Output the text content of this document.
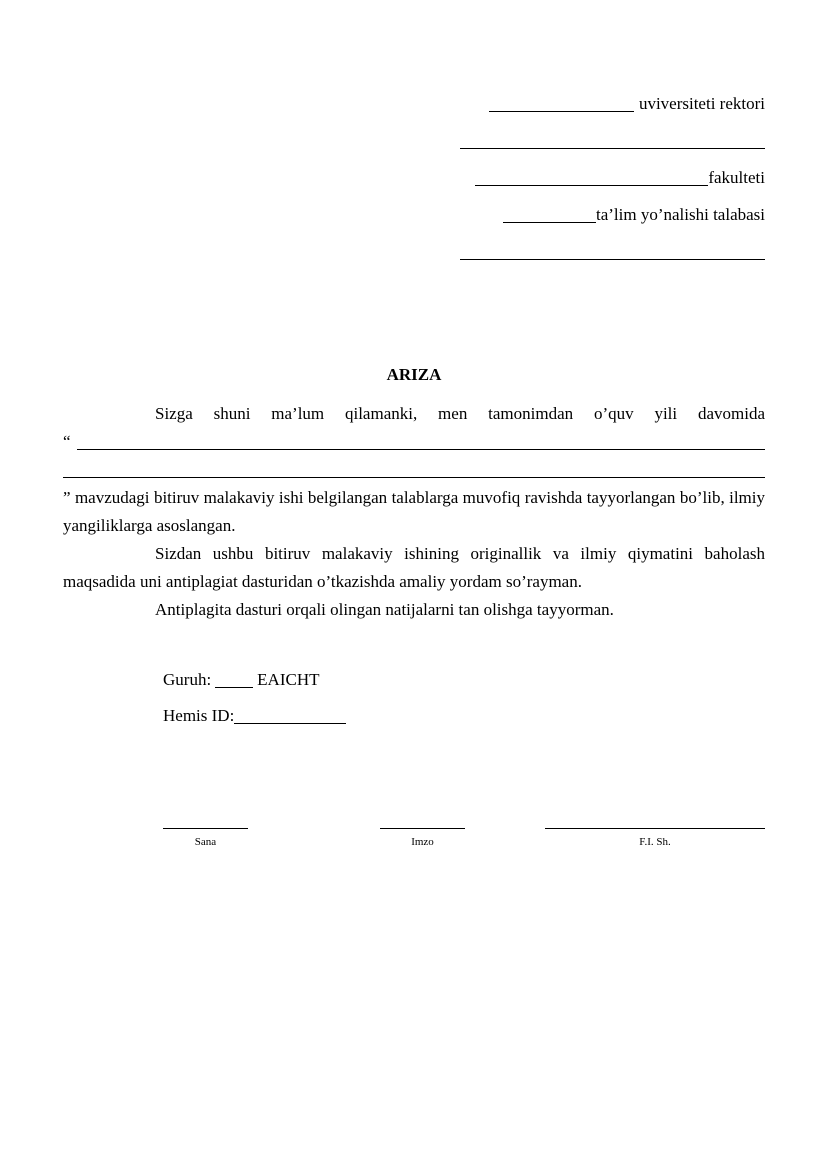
uviversiteti rektori
fakulteti
ta’lim yo’nalishi talabasi
ARIZA
Sizga shuni ma’lum qilamanki, men tamonimdan o’quv yili davomida
“

” mavzudagi bitiruv malakaviy ishi belgilangan talablarga muvofiq ravishda tayyorlangan bo’lib, ilmiy yangiliklarga asoslangan.

Sizdan ushbu bitiruv malakaviy ishining originallik va ilmiy qiymatini baholash maqsadida uni antiplagiat dasturidan o’tkazishda amaliy yordam so’rayman.

Antiplagita dasturi orqali olingan natijalarni tan olishga tayyorman.

Guruh:	EAICHT
Hemis ID:
Sana	Imzo	F.I. Sh.
